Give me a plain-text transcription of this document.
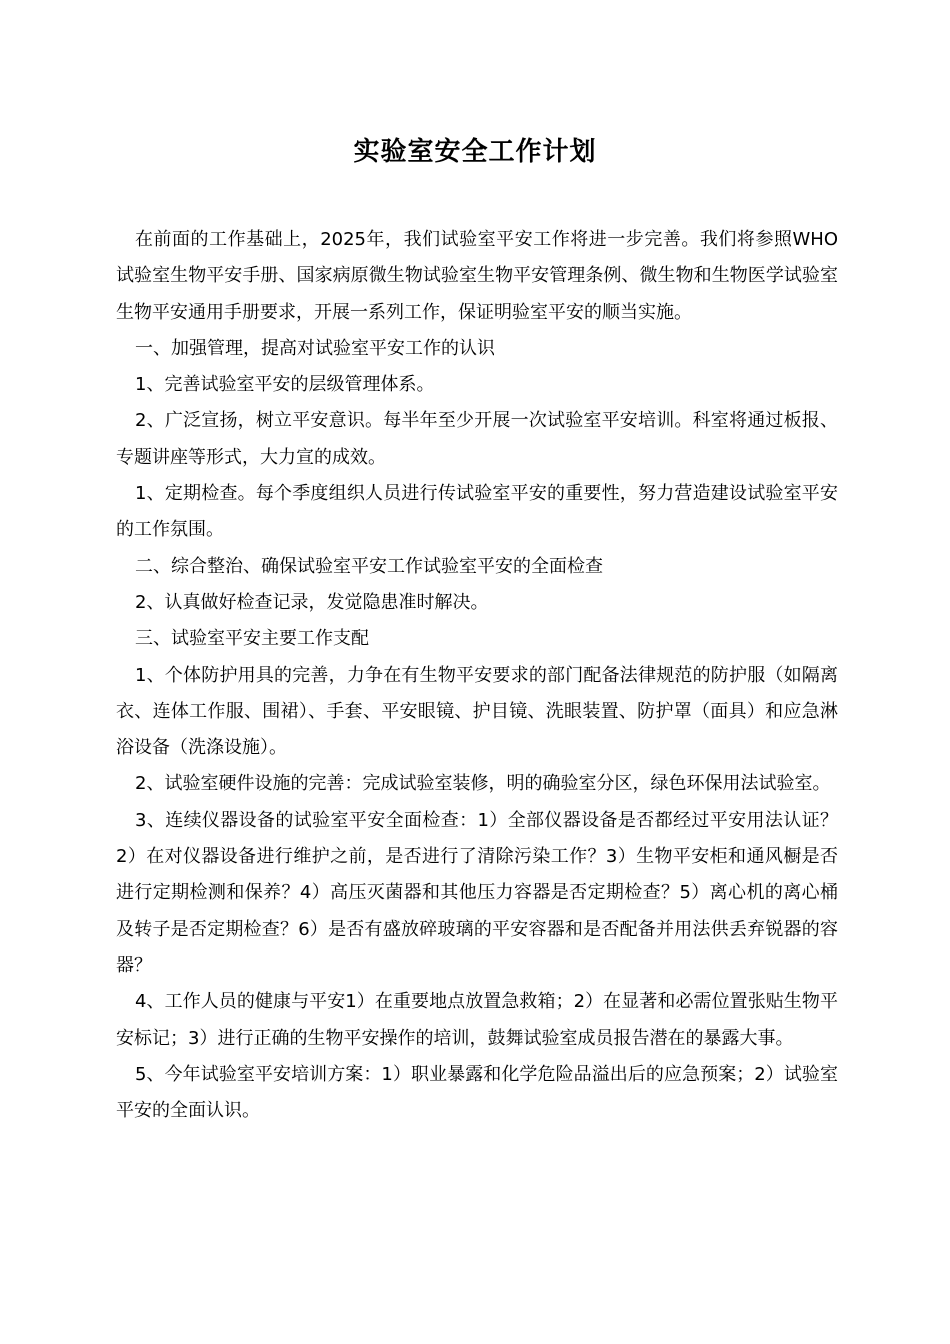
实验室安全工作计划

在前面的工作基础上，2025年，我们试验室平安工作将进一步完善。我们将参照WHO试验室生物平安手册、国家病原微生物试验室生物平安管理条例、微生物和生物医学试验室生物平安通用手册要求，开展一系列工作，保证明验室平安的顺当实施。

一、加强管理，提高对试验室平安工作的认识

1、完善试验室平安的层级管理体系。

2、广泛宣扬，树立平安意识。每半年至少开展一次试验室平安培训。科室将通过板报、专题讲座等形式，大力宣的成效。

1、定期检查。每个季度组织人员进行传试验室平安的重要性，努力营造建设试验室平安的工作氛围。

二、综合整治、确保试验室平安工作试验室平安的全面检查

2、认真做好检查记录，发觉隐患准时解决。

三、试验室平安主要工作支配

1、个体防护用具的完善，力争在有生物平安要求的部门配备法律规范的防护服（如隔离衣、连体工作服、围裙）、手套、平安眼镜、护目镜、洗眼装置、防护罩（面具）和应急淋浴设备（洗涤设施）。

2、试验室硬件设施的完善：完成试验室装修，明的确验室分区，绿色环保用法试验室。

3、连续仪器设备的试验室平安全面检查：1）全部仪器设备是否都经过平安用法认证？2）在对仪器设备进行维护之前，是否进行了清除污染工作？3）生物平安柜和通风橱是否进行定期检测和保养？4）高压灭菌器和其他压力容器是否定期检查？5）离心机的离心桶及转子是否定期检查？6）是否有盛放碎玻璃的平安容器和是否配备并用法供丢弃锐器的容器？

4、工作人员的健康与平安1）在重要地点放置急救箱；2）在显著和必需位置张贴生物平安标记；3）进行正确的生物平安操作的培训，鼓舞试验室成员报告潜在的暴露大事。

5、今年试验室平安培训方案：1）职业暴露和化学危险品溢出后的应急预案；2）试验室平安的全面认识。
